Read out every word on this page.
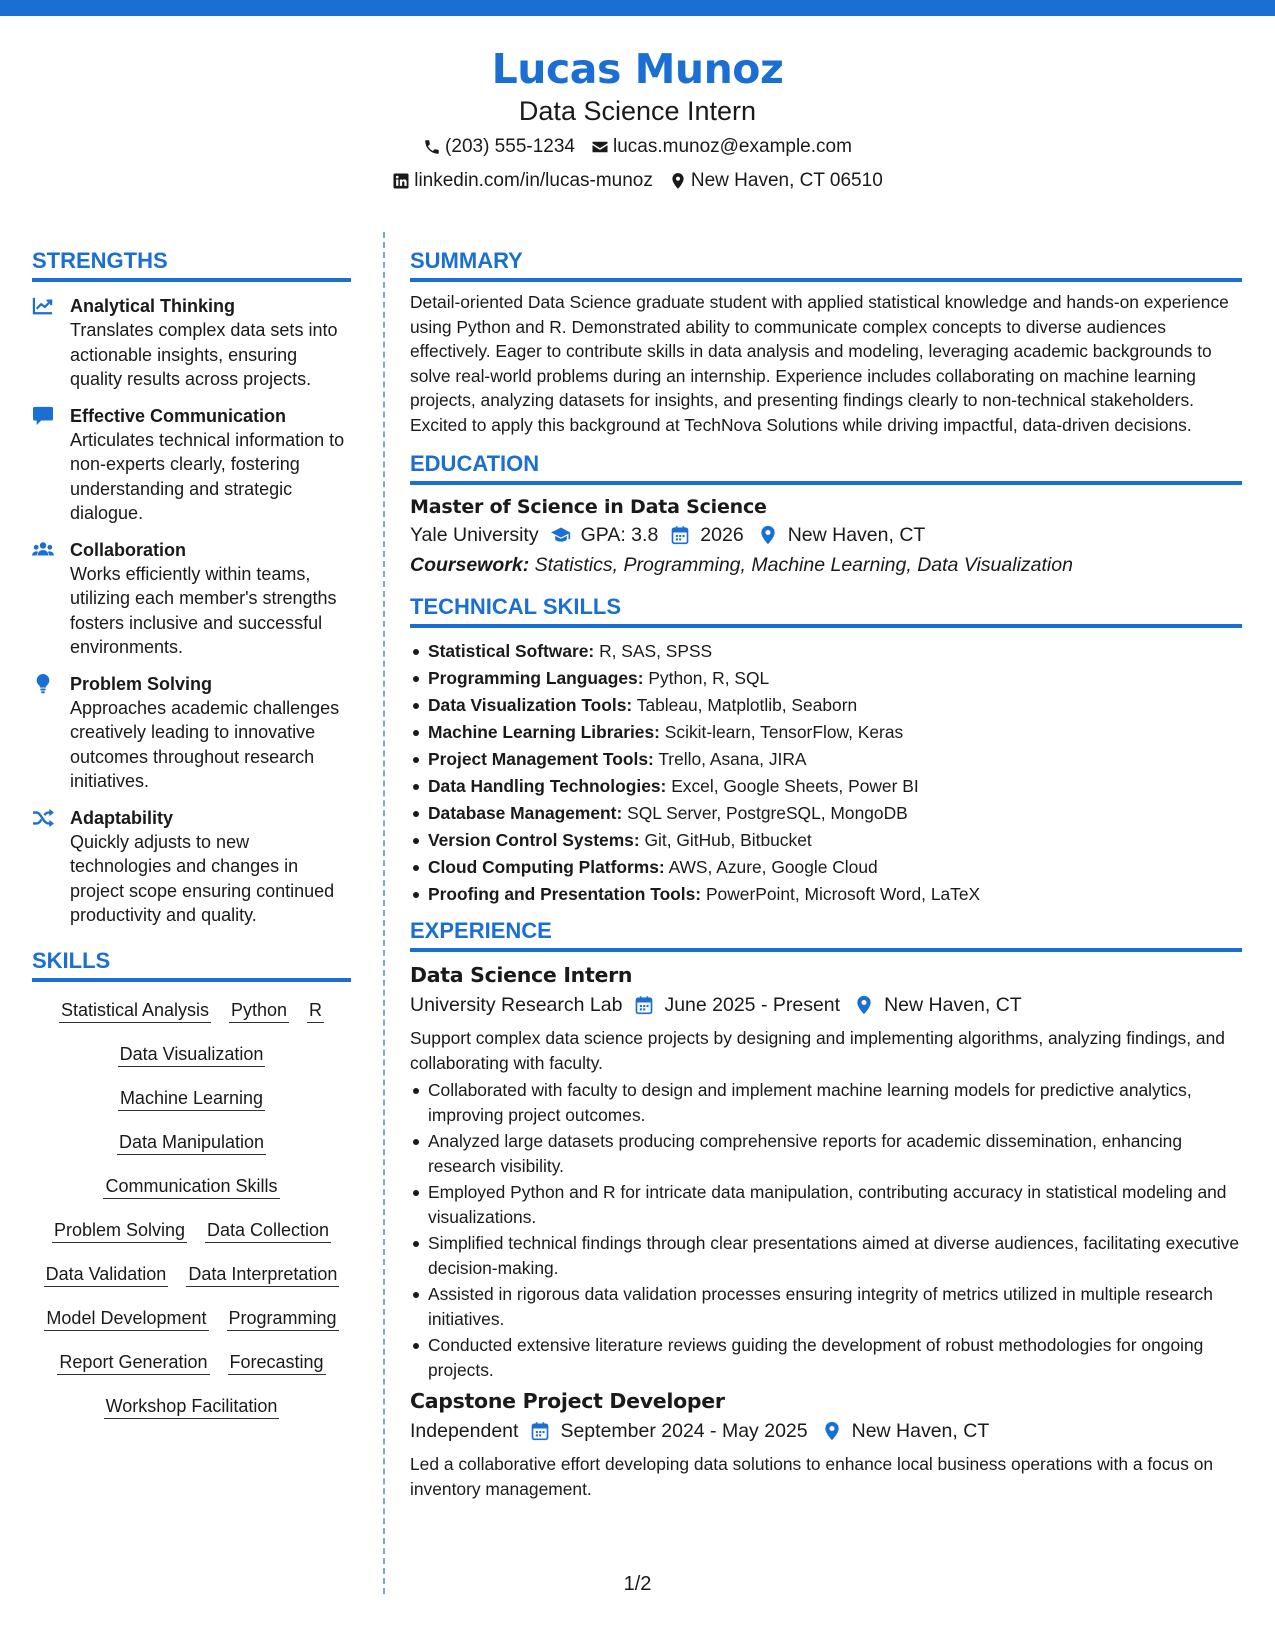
Lucas Munoz
Data Science Intern
(203) 555-1234 lucas.munoz@example.com
linkedin.com/in/lucas-munoz New Haven, CT 06510
STRENGTHS
Analytical Thinking
Translates complex data sets into actionable insights, ensuring quality results across projects.
Effective Communication
Articulates technical information to non-experts clearly, fostering understanding and strategic dialogue.
Collaboration
Works efficiently within teams, utilizing each member's strengths fosters inclusive and successful environments.
Problem Solving
Approaches academic challenges creatively leading to innovative outcomes throughout research initiatives.
Adaptability
Quickly adjusts to new technologies and changes in project scope ensuring continued productivity and quality.
SKILLS
Statistical Analysis Python R
Data Visualization
Machine Learning
Data Manipulation
Communication Skills
Problem Solving Data Collection
Data Validation Data Interpretation
Model Development Programming
Report Generation Forecasting
Workshop Facilitation
SUMMARY
Detail-oriented Data Science graduate student with applied statistical knowledge and hands-on experience using Python and R. Demonstrated ability to communicate complex concepts to diverse audiences effectively. Eager to contribute skills in data analysis and modeling, leveraging academic backgrounds to solve real-world problems during an internship. Experience includes collaborating on machine learning projects, analyzing datasets for insights, and presenting findings clearly to non-technical stakeholders. Excited to apply this background at TechNova Solutions while driving impactful, data-driven decisions.
EDUCATION
Master of Science in Data Science
Yale University GPA: 3.8 2026 New Haven, CT
Coursework: Statistics, Programming, Machine Learning, Data Visualization
TECHNICAL SKILLS
Statistical Software: R, SAS, SPSS
Programming Languages: Python, R, SQL
Data Visualization Tools: Tableau, Matplotlib, Seaborn
Machine Learning Libraries: Scikit-learn, TensorFlow, Keras
Project Management Tools: Trello, Asana, JIRA
Data Handling Technologies: Excel, Google Sheets, Power BI
Database Management: SQL Server, PostgreSQL, MongoDB
Version Control Systems: Git, GitHub, Bitbucket
Cloud Computing Platforms: AWS, Azure, Google Cloud
Proofing and Presentation Tools: PowerPoint, Microsoft Word, LaTeX
EXPERIENCE
Data Science Intern
University Research Lab June 2025 - Present New Haven, CT
Support complex data science projects by designing and implementing algorithms, analyzing findings, and collaborating with faculty.
Collaborated with faculty to design and implement machine learning models for predictive analytics, improving project outcomes.
Analyzed large datasets producing comprehensive reports for academic dissemination, enhancing research visibility.
Employed Python and R for intricate data manipulation, contributing accuracy in statistical modeling and visualizations.
Simplified technical findings through clear presentations aimed at diverse audiences, facilitating executive decision-making.
Assisted in rigorous data validation processes ensuring integrity of metrics utilized in multiple research initiatives.
Conducted extensive literature reviews guiding the development of robust methodologies for ongoing projects.
Capstone Project Developer
Independent September 2024 - May 2025 New Haven, CT
Led a collaborative effort developing data solutions to enhance local business operations with a focus on inventory management.
1/2
